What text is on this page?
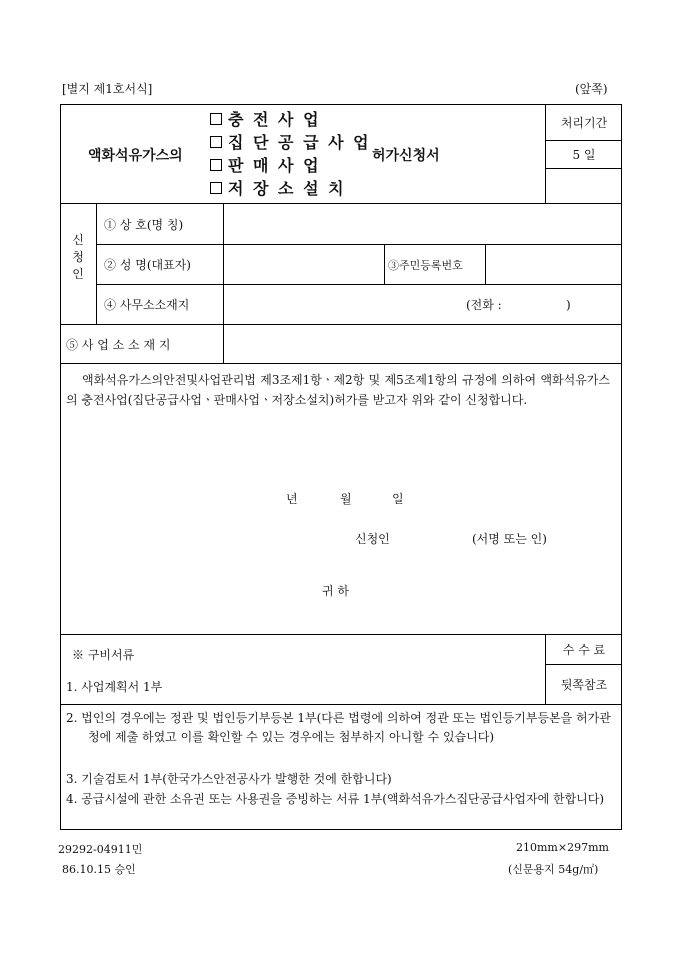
[별지 제1호서식]	(앞쪽)
액화석유가스의
충 전 사 업
집 단 공 급 사 업
판 매 사 업
저 장 소 설 치
허가신청서
처리기간
5 일
신
청
인
① 상 호(명 칭)
② 성 명(대표자)	③주민등록번호
④ 사무소소재지	(전화 :	)
⑤ 사 업 소 소 재 지
액화석유가스의안전및사업관리법 제3조제1항ㆍ제2항 및 제5조제1항의 규정에 의하여 액화석유가스의 충전사업(집단공급사업ㆍ판매사업ㆍ저장소설치)허가를 받고자 위와 같이 신청합니다.
년	월	일
신청인	(서명 또는 인)
귀 하
※ 구비서류	수 수 료
뒷쪽참조
1. 사업계획서 1부
2. 법인의 경우에는 정관 및 법인등기부등본 1부(다른 법령에 의하여 정관 또는 법인등기부등본을 허가관청에 제출 하였고 이를 확인할 수 있는 경우에는 첨부하지 아니할 수 있습니다)
3. 기술검토서 1부(한국가스안전공사가 발행한 것에 한합니다)
4. 공급시설에 관한 소유권 또는 사용권을 증빙하는 서류 1부(액화석유가스집단공급사업자에 한합니다)
29292-04911민
86.10.15 승인
210mm×297mm
(신문용지 54g/㎡)
